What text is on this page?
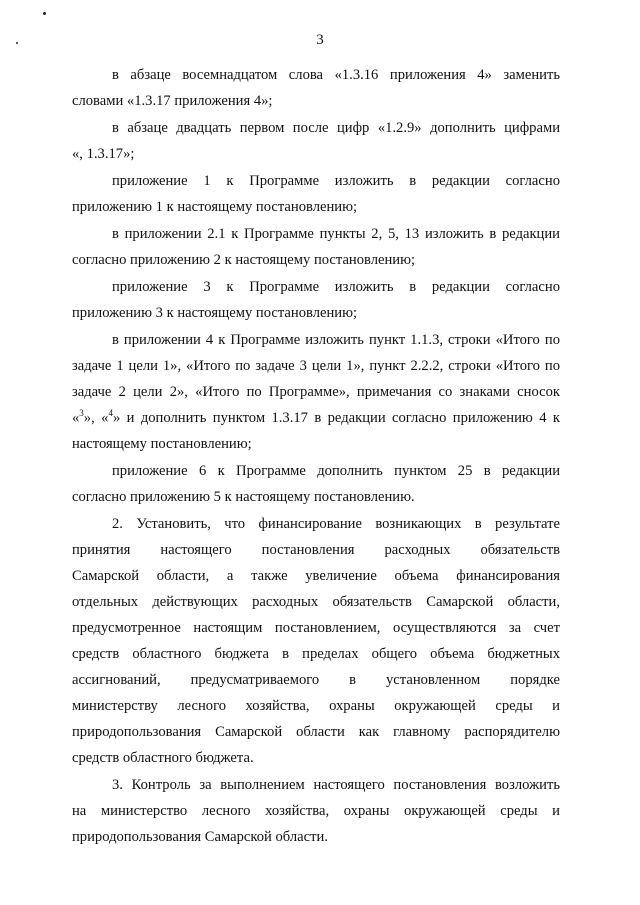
3
в абзаце восемнадцатом слова «1.3.16 приложения 4» заменить
словами «1.3.17 приложения 4»;
в абзаце двадцать первом после цифр «1.2.9» дополнить цифрами
«, 1.3.17»;
приложение 1 к Программе изложить в редакции согласно
приложению 1 к настоящему постановлению;
в приложении 2.1 к Программе пункты 2, 5, 13 изложить в редакции
согласно приложению 2 к настоящему постановлению;
приложение 3 к Программе изложить в редакции согласно
приложению 3 к настоящему постановлению;
в приложении 4 к Программе изложить пункт 1.1.3, строки «Итого по
задаче 1 цели 1», «Итого по задаче 3 цели 1», пункт 2.2.2, строки «Итого по
задаче 2 цели 2», «Итого по Программе», примечания со знаками сносок
«$^3$», «$^4$» и дополнить пунктом 1.3.17 в редакции согласно приложению 4 к
настоящему постановлению;
приложение 6 к Программе дополнить пунктом 25 в редакции
согласно приложению 5 к настоящему постановлению.
2. Установить, что финансирование возникающих в результате
принятия настоящего постановления расходных обязательств
Самарской области, а также увеличение объема финансирования
отдельных действующих расходных обязательств Самарской области,
предусмотренное настоящим постановлением, осуществляются за счет
средств областного бюджета в пределах общего объема бюджетных
ассигнований, предусматриваемого в установленном порядке
министерству лесного хозяйства, охраны окружающей среды и
природопользования Самарской области как главному распорядителю
средств областного бюджета.
3. Контроль за выполнением настоящего постановления возложить
на министерство лесного хозяйства, охраны окружающей среды и
природопользования Самарской области.
